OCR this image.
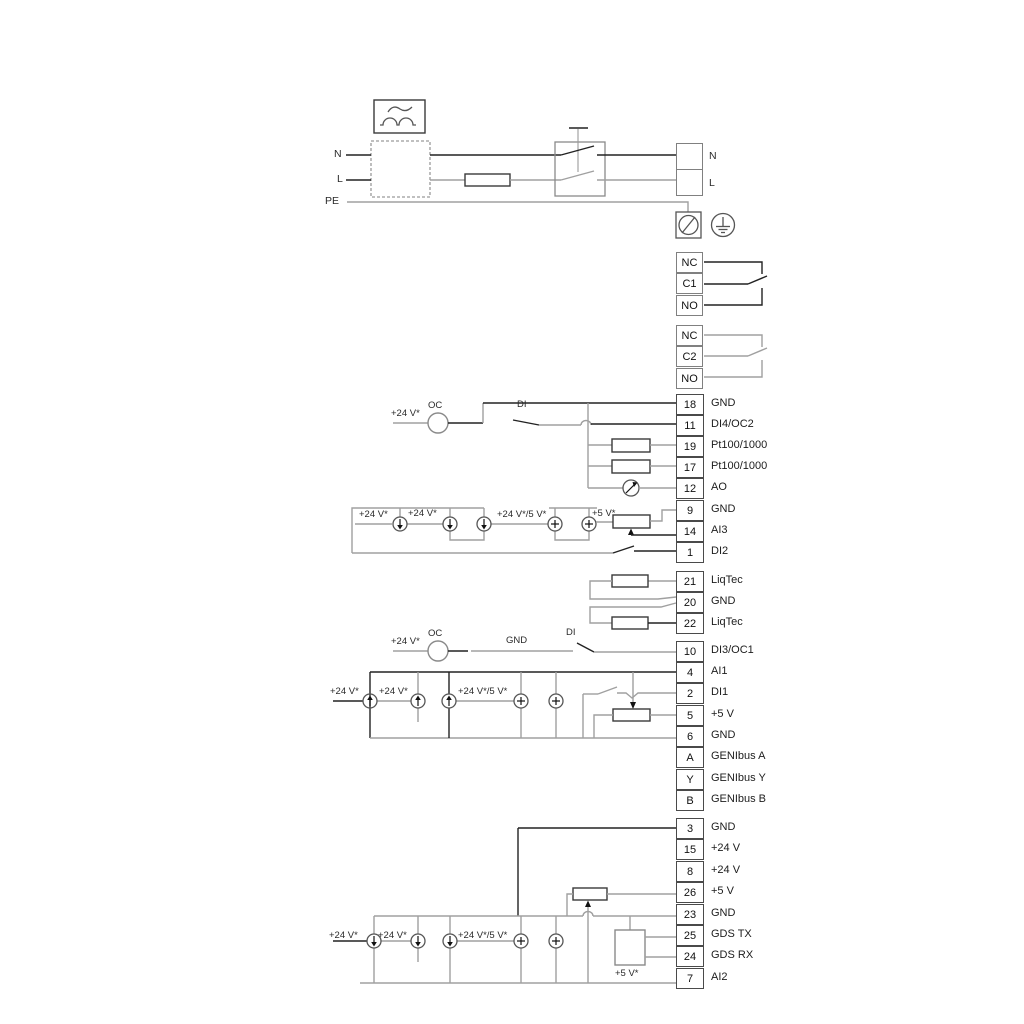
N
L
PE
N
L
NC
C1
NO
NC
C2
NO
18	GND
11	DI4/OC2
19	Pt100/1000
17	Pt100/1000
12	AO
9	GND
14	AI3
1	DI2
21	LiqTec
20	GND
22	LiqTec
10	DI3/OC1
4	AI1
2	DI1
5	+5 V
6	GND
A	GENIbus A
Y	GENIbus Y
B	GENIbus B
3	GND
15	+24 V
8	+24 V
26	+5 V
23	GND
25	GDS TX
24	GDS RX
7	AI2
+24 V*
OC	DI
+24 V* +24 V*	+24 V*/5 V*	+5 V*
+24 V*
OC
GND
DI
+24 V* +24 V*	+24 V*/5 V*
+24 V* +24 V*	+24 V*/5 V*
+5 V*
